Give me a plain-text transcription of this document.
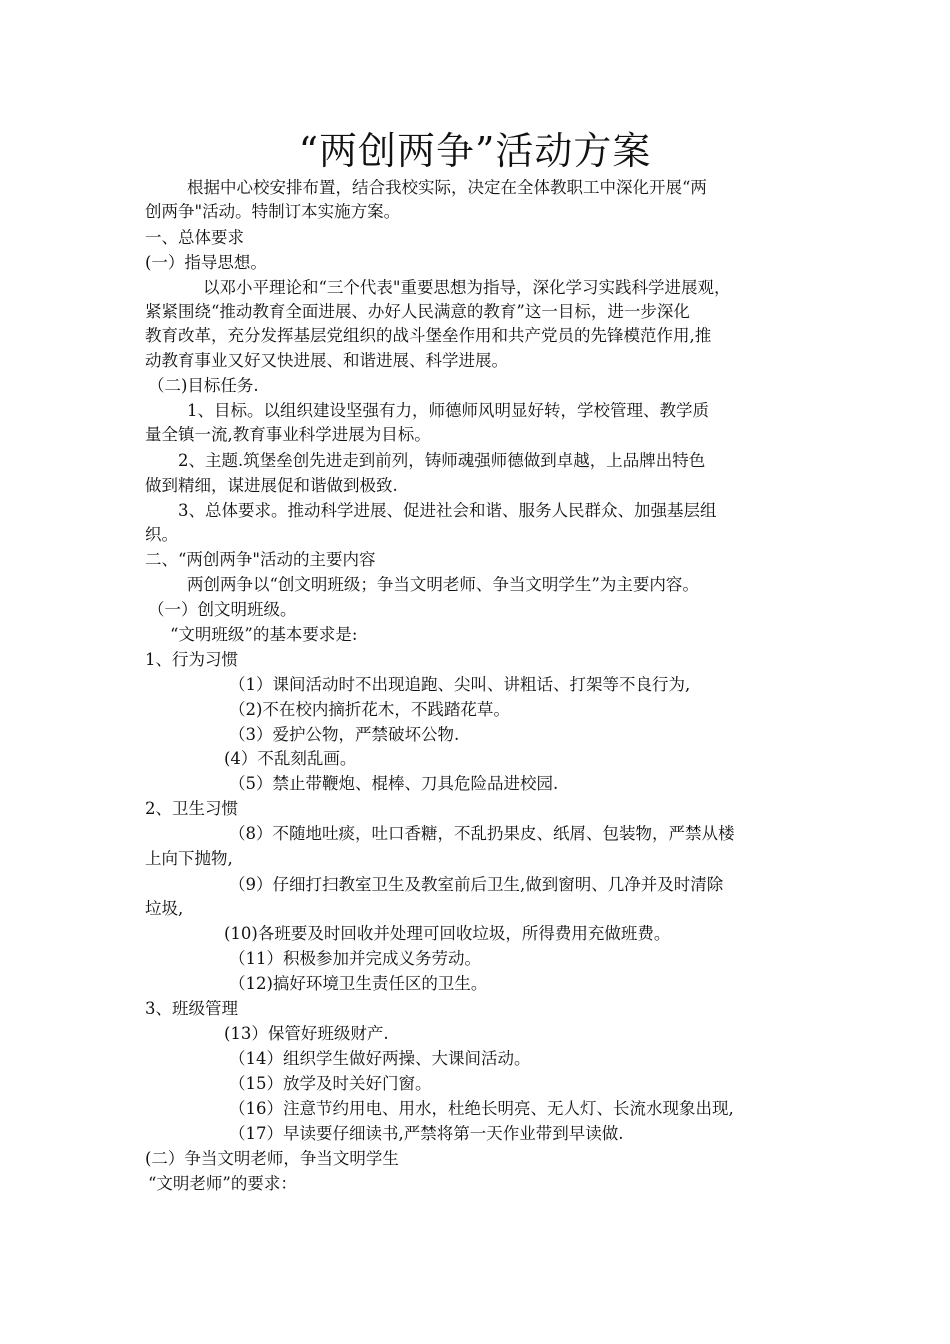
“两创两争”活动方案
根据中心校安排布置，结合我校实际，决定在全体教职工中深化开展“两
创两争"活动。特制订本实施方案。
一、总体要求
(一）指导思想。
以邓小平理论和“三个代表"重要思想为指导，深化学习实践科学进展观，
紧紧围绕“推动教育全面进展、办好人民满意的教育”这一目标，进一步深化
教育改革，充分发挥基层党组织的战斗堡垒作用和共产党员的先锋模范作用,推
动教育事业又好又快进展、和谐进展、科学进展。
（二)目标任务.
1、目标。以组织建设坚强有力，师德师风明显好转，学校管理、教学质
量全镇一流,教育事业科学进展为目标。
2、主题.筑堡垒创先进走到前列，铸师魂强师德做到卓越，上品牌出特色
做到精细，谋进展促和谐做到极致.
3、总体要求。推动科学进展、促进社会和谐、服务人民群众、加强基层组
织。
二、“两创两争"活动的主要内容
两创两争以“创文明班级；争当文明老师、争当文明学生”为主要内容。
（一）创文明班级。
“文明班级”的基本要求是:
1、行为习惯
（1）课间活动时不出现追跑、尖叫、讲粗话、打架等不良行为,
（2)不在校内摘折花木，不践踏花草。
（3）爱护公物，严禁破坏公物.
(4）不乱刻乱画。
（5）禁止带鞭炮、棍棒、刀具危险品进校园.
2、卫生习惯
（8）不随地吐痰，吐口香糖，不乱扔果皮、纸屑、包装物，严禁从楼
上向下抛物,
（9）仔细打扫教室卫生及教室前后卫生,做到窗明、几净并及时清除
垃圾,
(10)各班要及时回收并处理可回收垃圾，所得费用充做班费。
（11）积极参加并完成义务劳动。
（12)搞好环境卫生责任区的卫生。
3、班级管理
(13）保管好班级财产.
（14）组织学生做好两操、大课间活动。
（15）放学及时关好门窗。
（16）注意节约用电、用水，杜绝长明亮、无人灯、长流水现象出现,
（17）早读要仔细读书,严禁将第一天作业带到早读做.
(二）争当文明老师，争当文明学生
“文明老师”的要求：
